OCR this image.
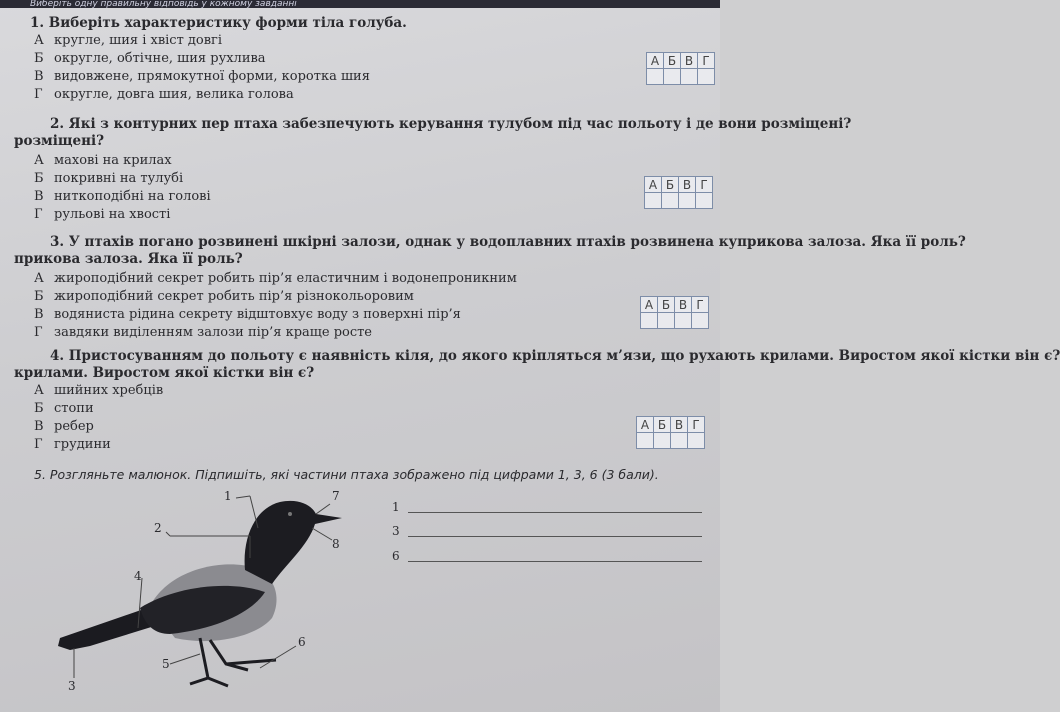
Виберіть одну правильну відповідь у кожному завданні

1. Виберіть характеристику форми тіла голуба.

А кругле, шия і хвіст довгі
Б округле, обтічне, шия рухлива
В видовжене, прямокутної форми, коротка шия
Г округле, довга шия, велика голова
А	Б	В	Г

2. Які з контурних пер птаха забезпечують керування тулубом під час польоту і де вони розміщені?

розміщені?

А махові на крилах
Б покривні на тулубі
В ниткоподібні на голові
Г рульові на хвості
А	Б	В	Г

3. У птахів погано розвинені шкірні залози, однак у водоплавних птахів розвинена куприкова залоза. Яка її роль?

прикова залоза. Яка її роль?

А жироподібний секрет робить пір’я еластичним і водонепроникним
Б жироподібний секрет робить пір’я різнокольоровим
В водяниста рідина секрету відштовхує воду з поверхні пір’я
Г завдяки виділенням залози пір’я краще росте
А	Б	В	Г

4. Пристосуванням до польоту є наявність кіля, до якого кріпляться м’язи, що рухають крилами. Виростом якої кістки він є?

крилами. Виростом якої кістки він є?

А шийних хребців
Б стопи
В ребер
Г грудини
А	Б	В	Г

5. Розгляньте малюнок. Підпишіть, які частини птаха зображено під цифрами 1, 3, 6 (3 бали).
1
2
3
4
5
6
7
8
1
3
6
